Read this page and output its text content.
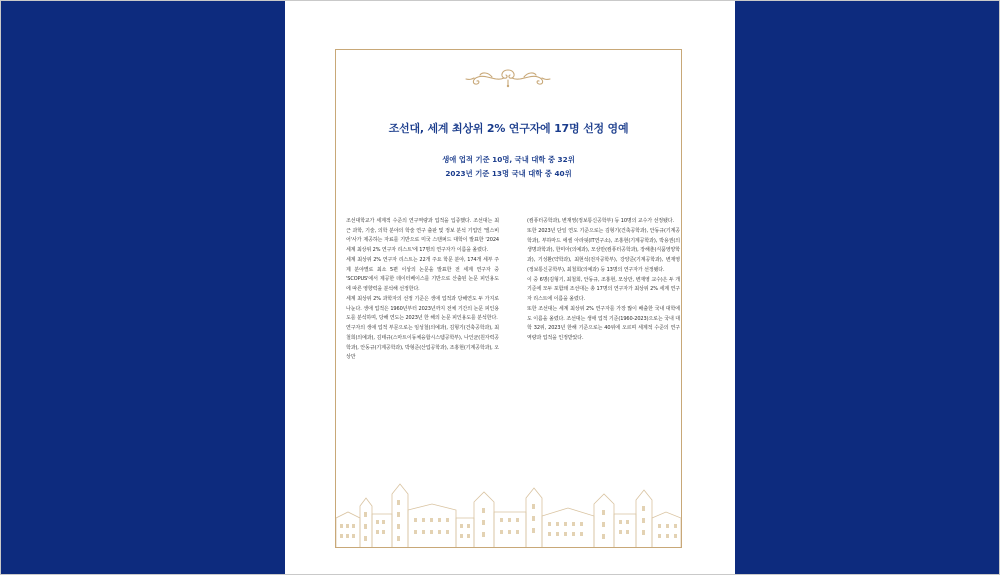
조선대, 세계 최상위 2% 연구자에 17명 선정 영예
생애 업적 기준 10명, 국내 대학 중 32위
2023년 기준 13명 국내 대학 중 40위

조선대학교가 세계적 수준의 연구역량과 업적을 입증했다. 조선대는 최근 과학, 기술, 의학 분야의 학술 연구 출판 및 정보 분석 기업인 '엘스비어'사가 제공하는 자료를 기반으로 미국 스탠퍼드 대학이 발표한 '2024 세계 최상위 2% 연구자 리스트'에 17명의 연구자가 이름을 올렸다.

세계 최상위 2% 연구자 리스트는 22개 주요 학문 분야, 174개 세부 주제 분야별로 최소 5편 이상의 논문을 발표한 전 세계 연구자 중 'SCOPUS'에서 제공한 데이터베이스를 기반으로 산출된 논문 피인용도에 따른 영향력을 분석해 선정한다.

세계 최상위 2% 과학자의 선정 기준은 생애 업적과 당해연도 두 가지로 나눈다. 생애 업적은 1960년부터 2023년까지 전체 기간의 논문 피인용도를 분석하며, 당해 연도는 2023년 한 해의 논문 피인용도를 분석한다.

연구자의 생애 업적 부문으로는 임성철(의예과), 김형기(건축공학과), 최철희(의예과), 김태규(스마트이동체융합시스템공학부), 나인균(원자력공학과), 안동규(기계공학과), 박형준(산업공학과), 조홍현(기계공학과), 오상만

(컴퓨터공학과), 변재영(정보통신공학부) 등 10명의 교수가 선정됐다.

또한 2023년 단일 연도 기준으로는 김형기(건축공학과), 안동규(기계공학과), 부하마드 에셀 아라핏(IT연구소), 조홍현(기계공학과), 박용권(의생명과학과), 한미아(의예과), 모상만(컴퓨터공학과), 장해춘(식품영양학과), 기성환(약학과), 최현석(전자공학부), 강양준(기계공학과), 변재영(정보통신공학부), 최철희(의예과) 등 13명의 연구자가 선정됐다.

이 중 6명(김형기, 최철희, 안동규, 조홍현, 모상만, 변재영 교수)은 두 개 기준에 모두 포함돼 조선대는 총 17명의 연구자가 최상위 2% 세계 연구자 리스트에 이름을 올렸다.

또한 조선대는 세계 최상위 2% 연구자를 가장 많이 배출한 국내 대학에도 이름을 올렸다. 조선대는 생애 업적 기준(1960-2023)으로는 국내 대학 32위, 2023년 한해 기준으로는 40위에 오르며 세계적 수준의 연구역량과 업적을 인정받았다.
